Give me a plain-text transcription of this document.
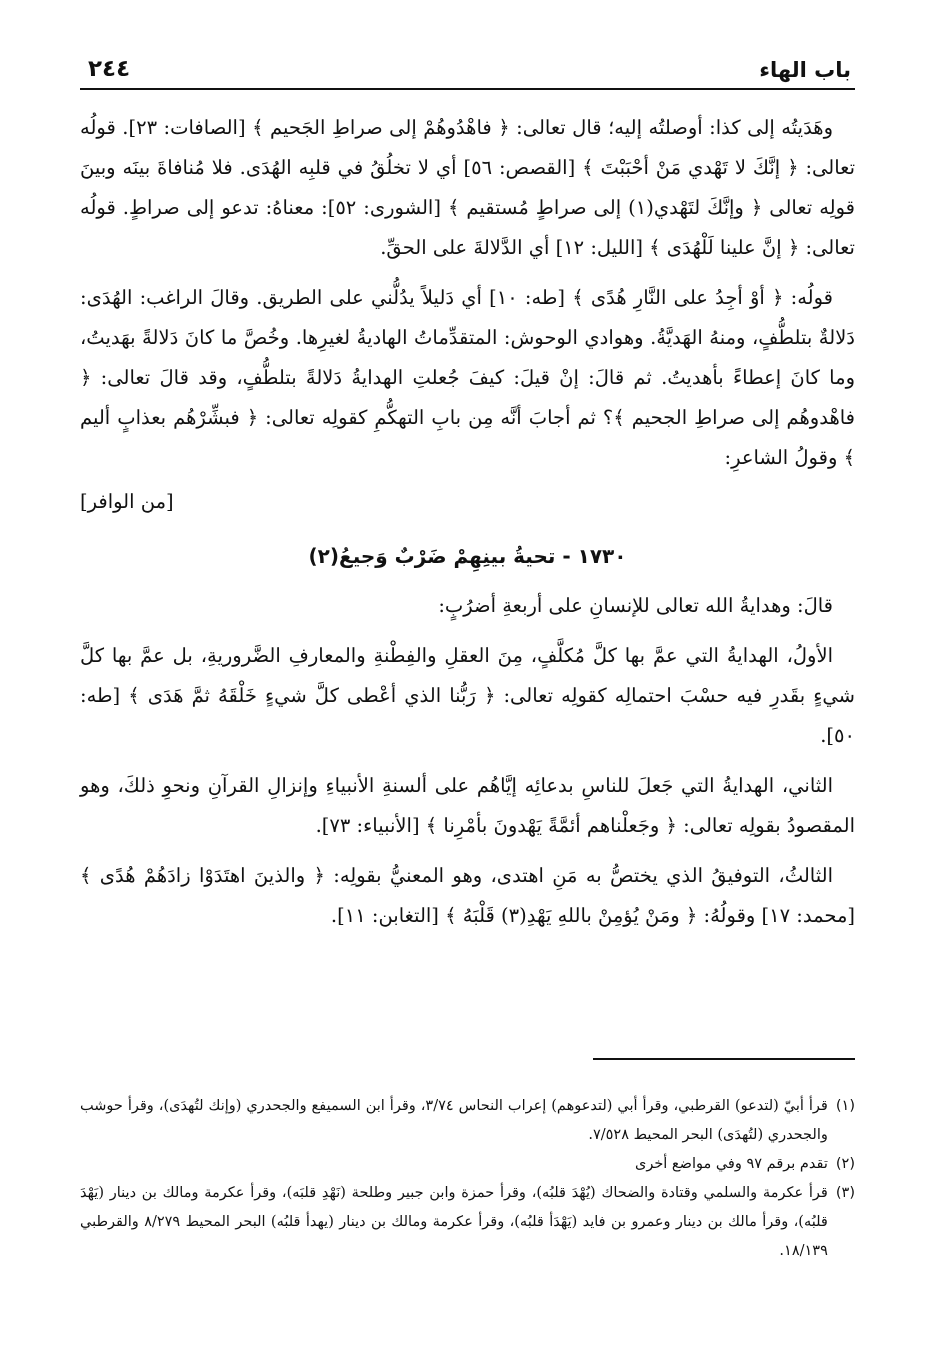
باب الهاء
٢٤٤

وهَدَيتُه إلى كذا: أوصلتُه إليه؛ قال تعالى: ﴿ فاهْدُوهُمْ إلى صراطِ الجَحيم ﴾ [الصافات: ٢٣]. قولُه تعالى: ﴿ إنَّكَ لا تَهْدي مَنْ أحْبَبْتَ ﴾ [القصص: ٥٦] أي لا تخلُقُ في قلبِه الهُدَى. فلا مُنافاةَ بينَه وبينَ قولِه تعالى ﴿ وإنَّكَ لتَهْدي(١) إلى صراطٍ مُستقيم ﴾ [الشورى: ٥٢]: معناهُ: تدعو إلى صراطٍ. قولُه تعالى: ﴿ إنَّ علينا لَلْهُدَى ﴾ [الليل: ١٢] أي الدَّلالةَ على الحقِّ.

قولُه: ﴿ أوْ أجِدُ على النَّارِ هُدًى ﴾ [طه: ١٠] أي دَليلاً يدُلُّني على الطريق. وقالَ الراغب: الهُدَى: دَلالةٌ بتلطُّفٍ، ومنهُ الهَديَّةُ. وهوادي الوحوش: المتقدِّماتُ الهاديةُ لغيرِها. وخُصَّ ما كانَ دَلالةً بهَديتُ، وما كانَ إعطاءً بأهديتُ. ثم قالَ: إنْ قيلَ: كيفَ جُعلتِ الهدايةُ دَلالةً بتلطُّفٍ، وقد قالَ تعالى: ﴿ فاهْدوهُم إلى صراطِ الجحيم ﴾؟ ثم أجابَ أنَّه مِن بابِ التهكُّمِ كقولِه تعالى: ﴿ فبشِّرْهُم بعذابٍ أليم ﴾ وقولُ الشاعرِ:

[من الوافر]

١٧٣٠ - تحيةُ بينِهِمْ ضَرْبٌ وَجيعُ(٢)

قالَ: وهدايةُ الله تعالى للإنسانِ على أربعةِ أضرُبٍ:

الأولُ، الهدايةُ التي عمَّ بها كلَّ مُكلَّفٍ، مِنَ العقلِ والفِطْنةِ والمعارفِ الضَّروريةِ، بل عمَّ بها كلَّ شيءٍ بقَدرِ فيه حسْبَ احتمالِه كقولِه تعالى: ﴿ رَبُّنا الذي أعْطى كلَّ شيءٍ خَلْقَهُ ثمَّ هَدَى ﴾ [طه: ٥٠].

الثاني، الهدايةُ التي جَعلَ للناسِ بدعائِه إيَّاهُم على ألسنةِ الأنبياءِ وإنزالِ القرآنِ ونحوِ ذلكَ، وهو المقصودُ بقولِه تعالى: ﴿ وجَعلْناهم أئمَّةً يَهْدونَ بأمْرِنا ﴾ [الأنبياء: ٧٣].

الثالثُ، التوفيقُ الذي يختصُّ به مَنِ اهتدى، وهو المعنيُّ بقولِه: ﴿ والذينَ اهتَدَوْا زادَهُمْ هُدًى ﴾ [محمد: ١٧] وقولُهُ: ﴿ ومَنْ يُؤمِنْ باللهِ يَهْدِ(٣) قَلْبَهُ ﴾ [التغابن: ١١].

(١)
قرأ أبيّ (لتدعو) القرطبي، وقرأ أبي (لتدعوهم) إعراب النحاس ٣/٧٤، وقرأ ابن السميفع والجحدري (وإنك لتُهدَى)، وقرأ حوشب والجحدري (لتُهدَى) البحر المحيط ٧/٥٢٨.
(٢)
تقدم برقم ٩٧ وفي مواضع أخرى
(٣)
قرأ عكرمة والسلمي وقتادة والضحاك (يُهْدَ قلبُه)، وقرأ حمزة وابن جبير وطلحة (نَهْدِ قلبَه)، وقرأ عكرمة ومالك بن دينار (يَهْدَ قلبُه)، وقرأ مالك بن دينار وعمرو بن فايد (يَهْدَأ قلبُه)، وقرأ عكرمة ومالك بن دينار (يهدأ قلبُه) البحر المحيط ٨/٢٧٩ والقرطبي ١٨/١٣٩.
